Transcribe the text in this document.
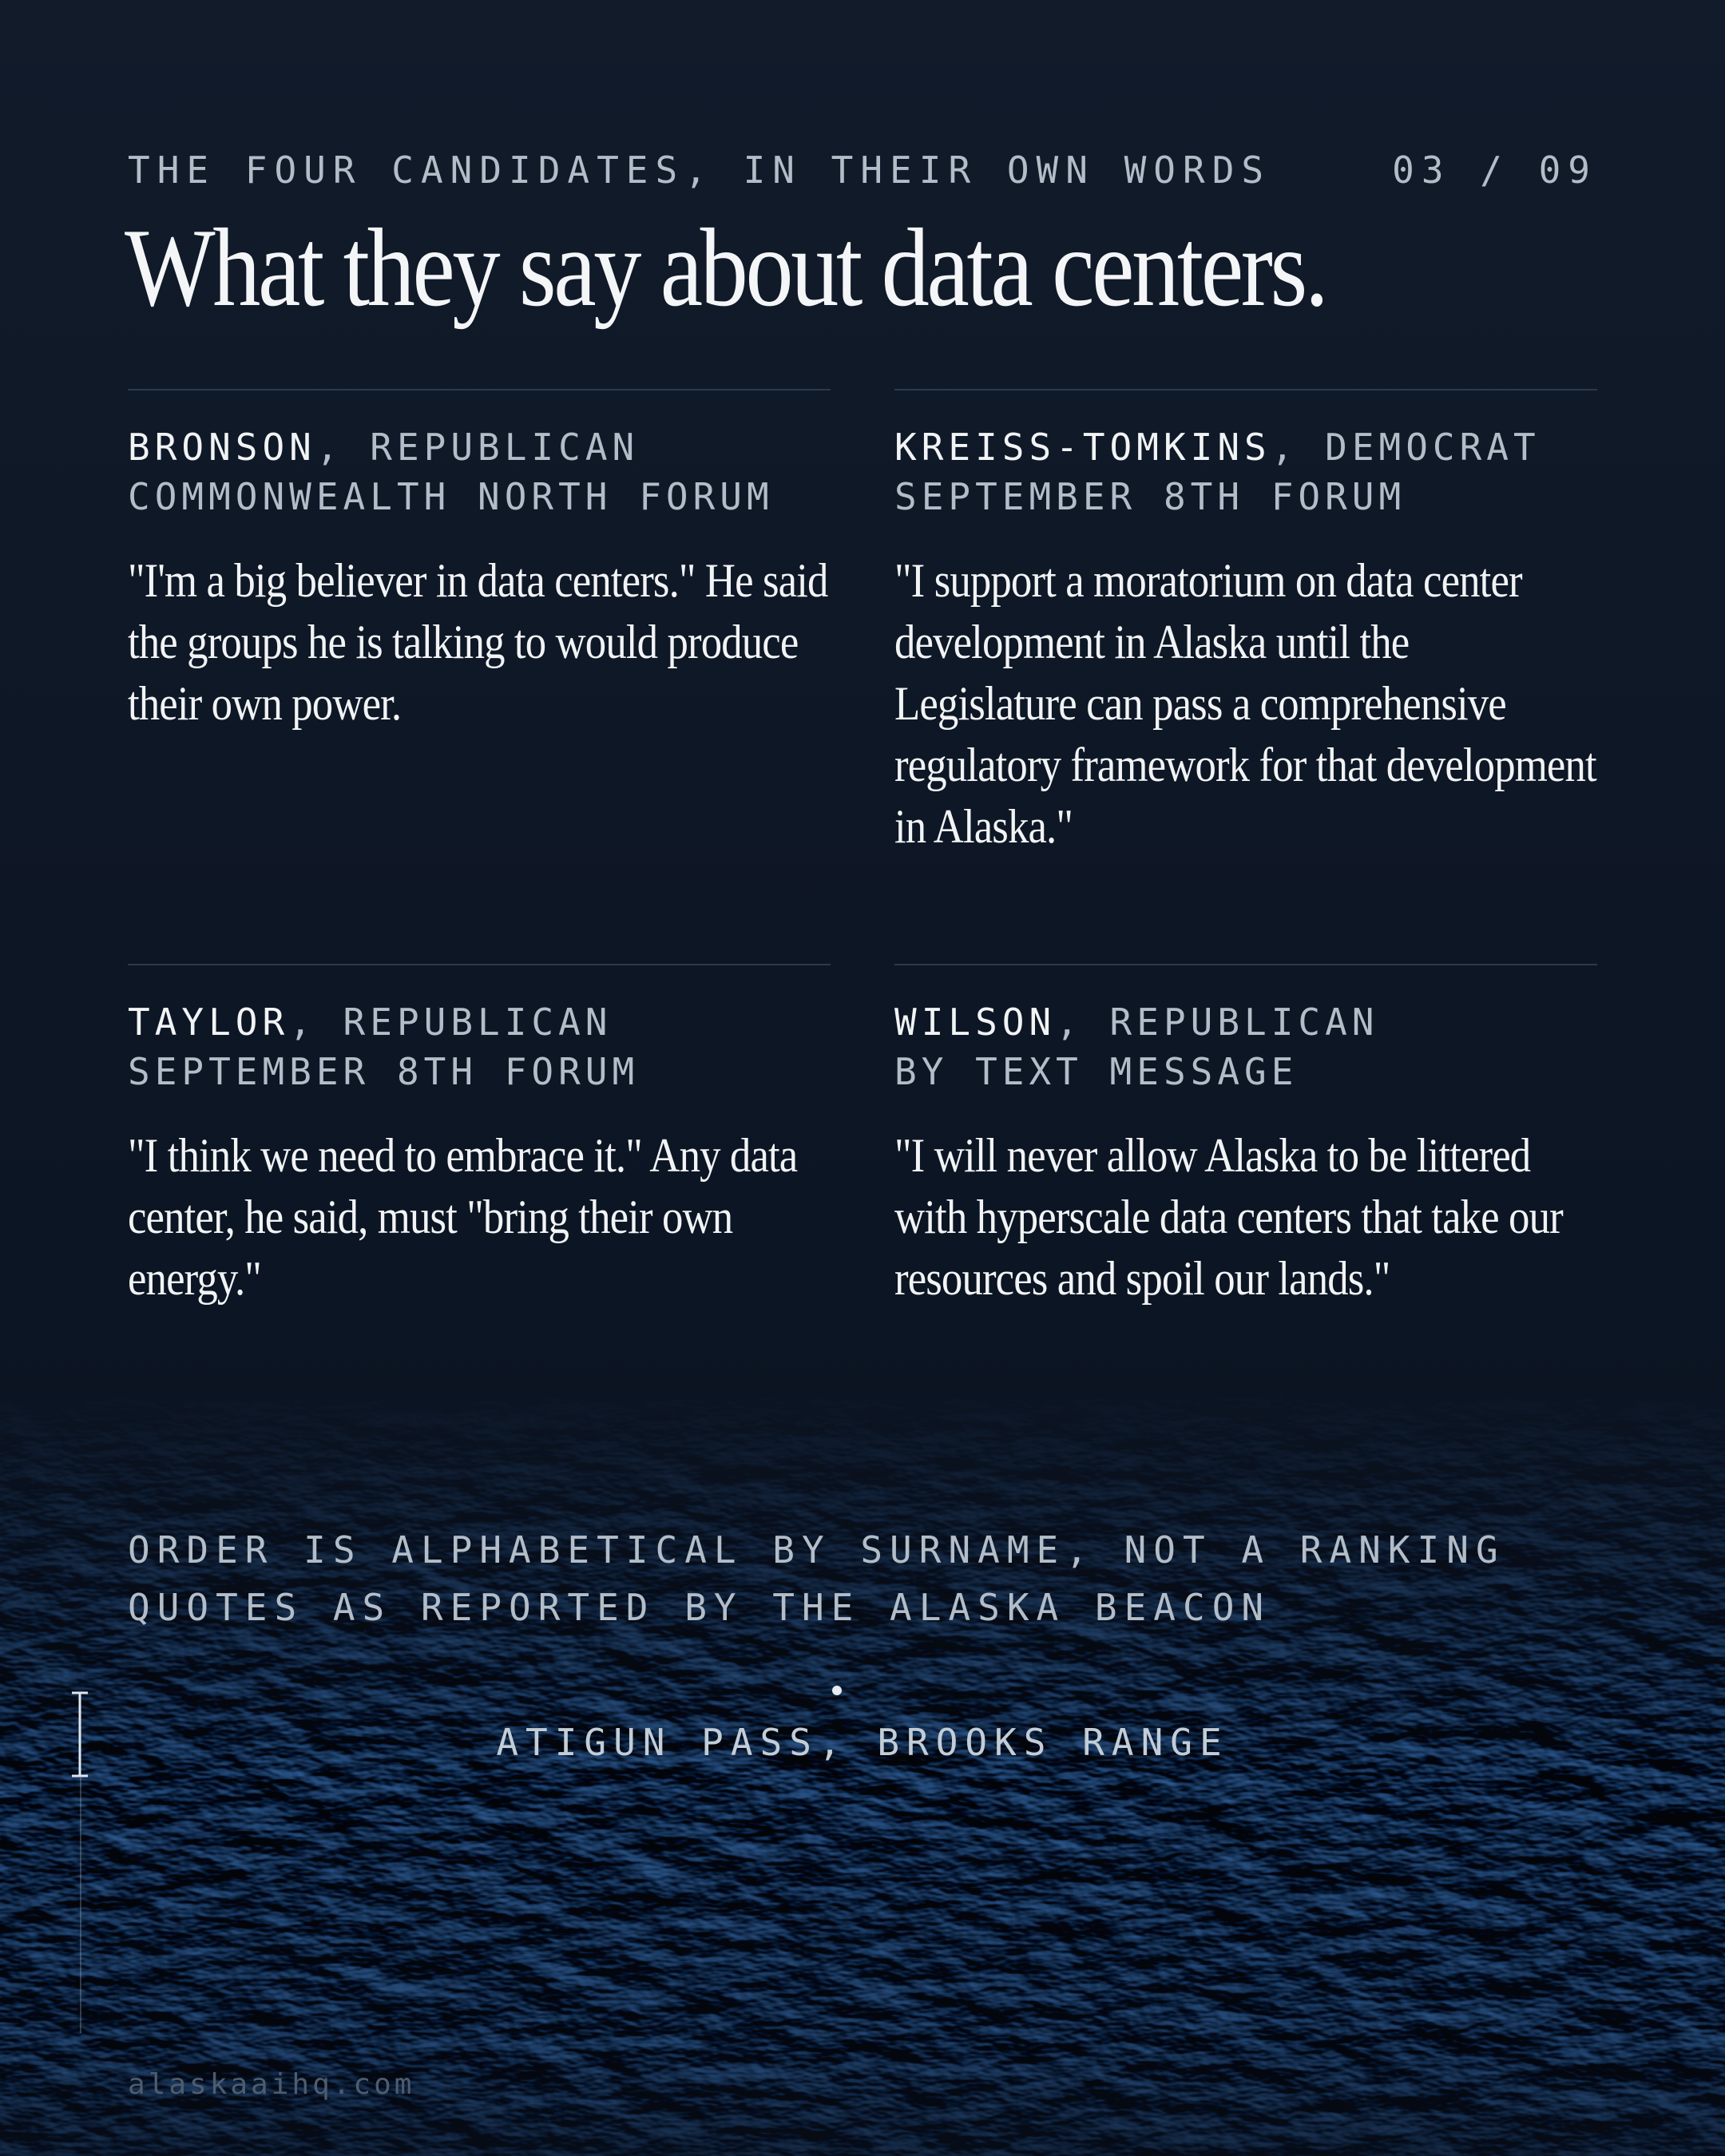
THE FOUR CANDIDATES, IN THEIR OWN WORDS	03 / 09
What they say about data centers.
BRONSON, REPUBLICAN
COMMONWEALTH NORTH FORUM
"I'm a big believer in data centers." He said the groups he is talking to would produce their own power.
KREISS-TOMKINS, DEMOCRAT
SEPTEMBER 8TH FORUM
"I support a moratorium on data center development in Alaska until the Legislature can pass a comprehensive regulatory framework for that development in Alaska."
TAYLOR, REPUBLICAN
SEPTEMBER 8TH FORUM
"I think we need to embrace it." Any data center, he said, must "bring their own energy."
WILSON, REPUBLICAN
BY TEXT MESSAGE
"I will never allow Alaska to be littered with hyperscale data centers that take our resources and spoil our lands."
ORDER IS ALPHABETICAL BY SURNAME, NOT A RANKING
QUOTES AS REPORTED BY THE ALASKA BEACON
ATIGUN PASS, BROOKS RANGE
alaskaaihq.com
